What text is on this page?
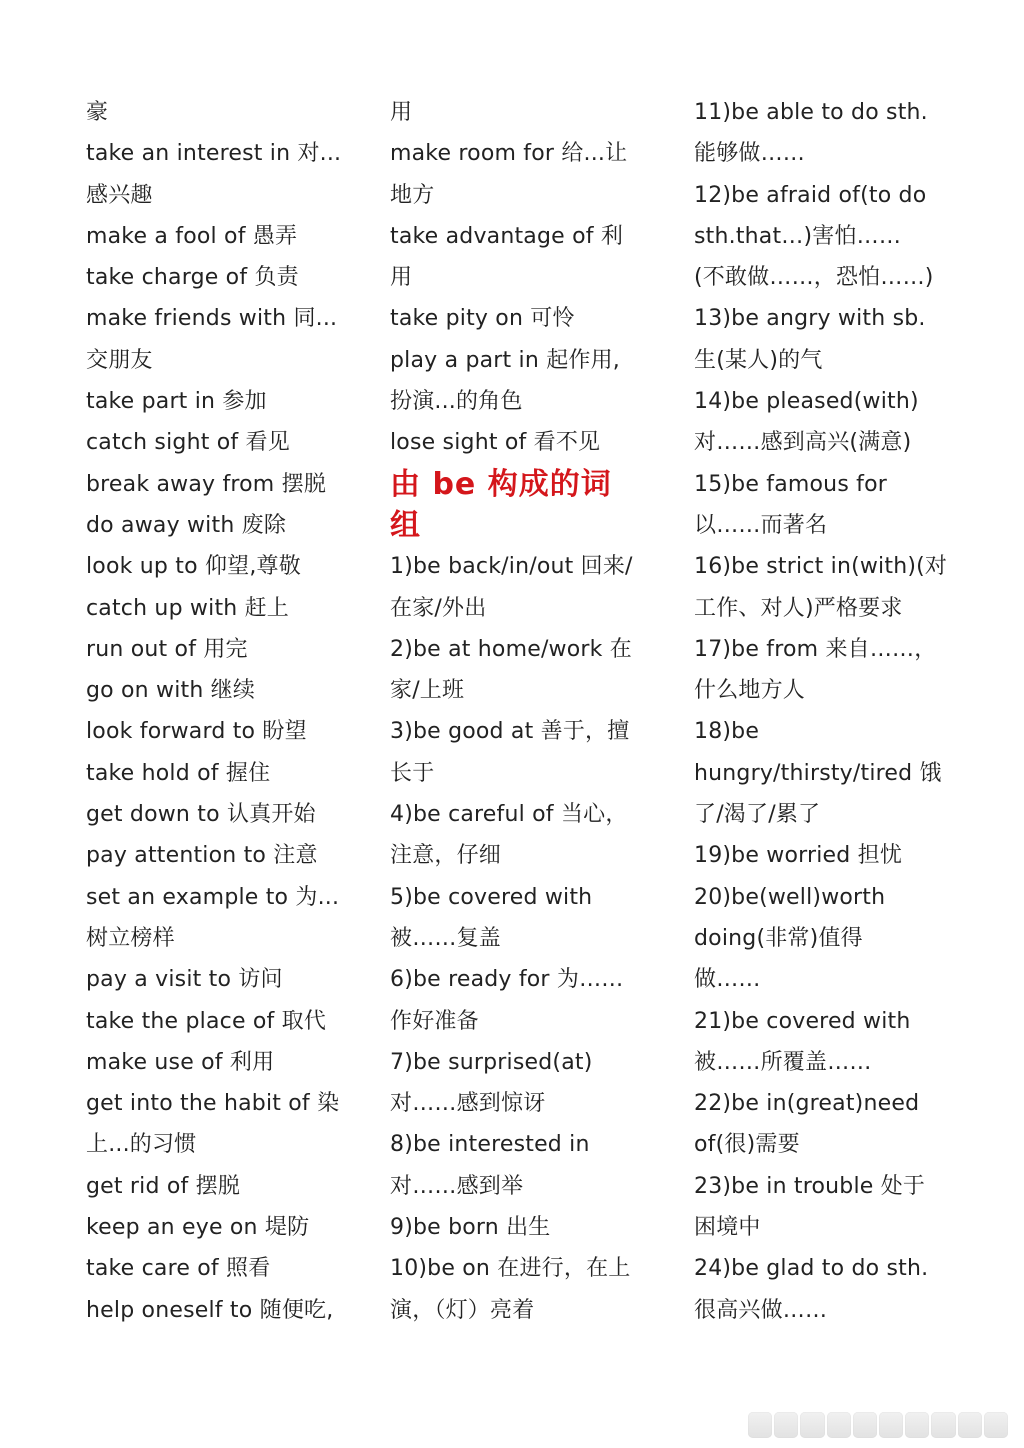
豪
take an interest in 对...
感兴趣
make a fool of 愚弄
take charge of 负责
make friends with 同...
交朋友
take part in 参加
catch sight of 看见
break away from 摆脱
do away with 废除
look up to 仰望,尊敬
catch up with 赶上
run out of 用完
go on with 继续
look forward to 盼望
take hold of 握住
get down to 认真开始
pay attention to 注意
set an example to 为...
树立榜样
pay a visit to 访问
take the place of 取代
make use of 利用
get into the habit of 染
上...的习惯
get rid of 摆脱
keep an eye on 堤防
take care of 照看
help oneself to 随便吃,
用
make room for 给...让
地方
take advantage of 利
用
take pity on 可怜
play a part in 起作用,
扮演...的角色
lose sight of 看不见
由 be 构成的词
组
1)be back/in/out 回来/
在家/外出
2)be at home/work 在
家/上班
3)be good at 善于，擅
长于
4)be careful of 当心，
注意，仔细
5)be covered with
被……复盖
6)be ready for 为……
作好准备
7)be surprised(at)
对……感到惊讶
8)be interested in
对……感到举
9)be born 出生
10)be on 在进行，在上
演，（灯）亮着
11)be able to do sth.
能够做……
12)be afraid of(to do
sth.that…)害怕……
(不敢做……，恐怕……)
13)be angry with sb.
生(某人)的气
14)be pleased(with)
对……感到高兴(满意)
15)be famous for
以……而著名
16)be strict in(with)(对
工作、对人)严格要求
17)be from 来自……，
什么地方人
18)be
hungry/thirsty/tired 饿
了/渴了/累了
19)be worried 担忧
20)be(well)worth
doing(非常)值得
做……
21)be covered with
被……所覆盖……
22)be in(great)need
of(很)需要
23)be in trouble 处于
困境中
24)be glad to do sth.
很高兴做……
